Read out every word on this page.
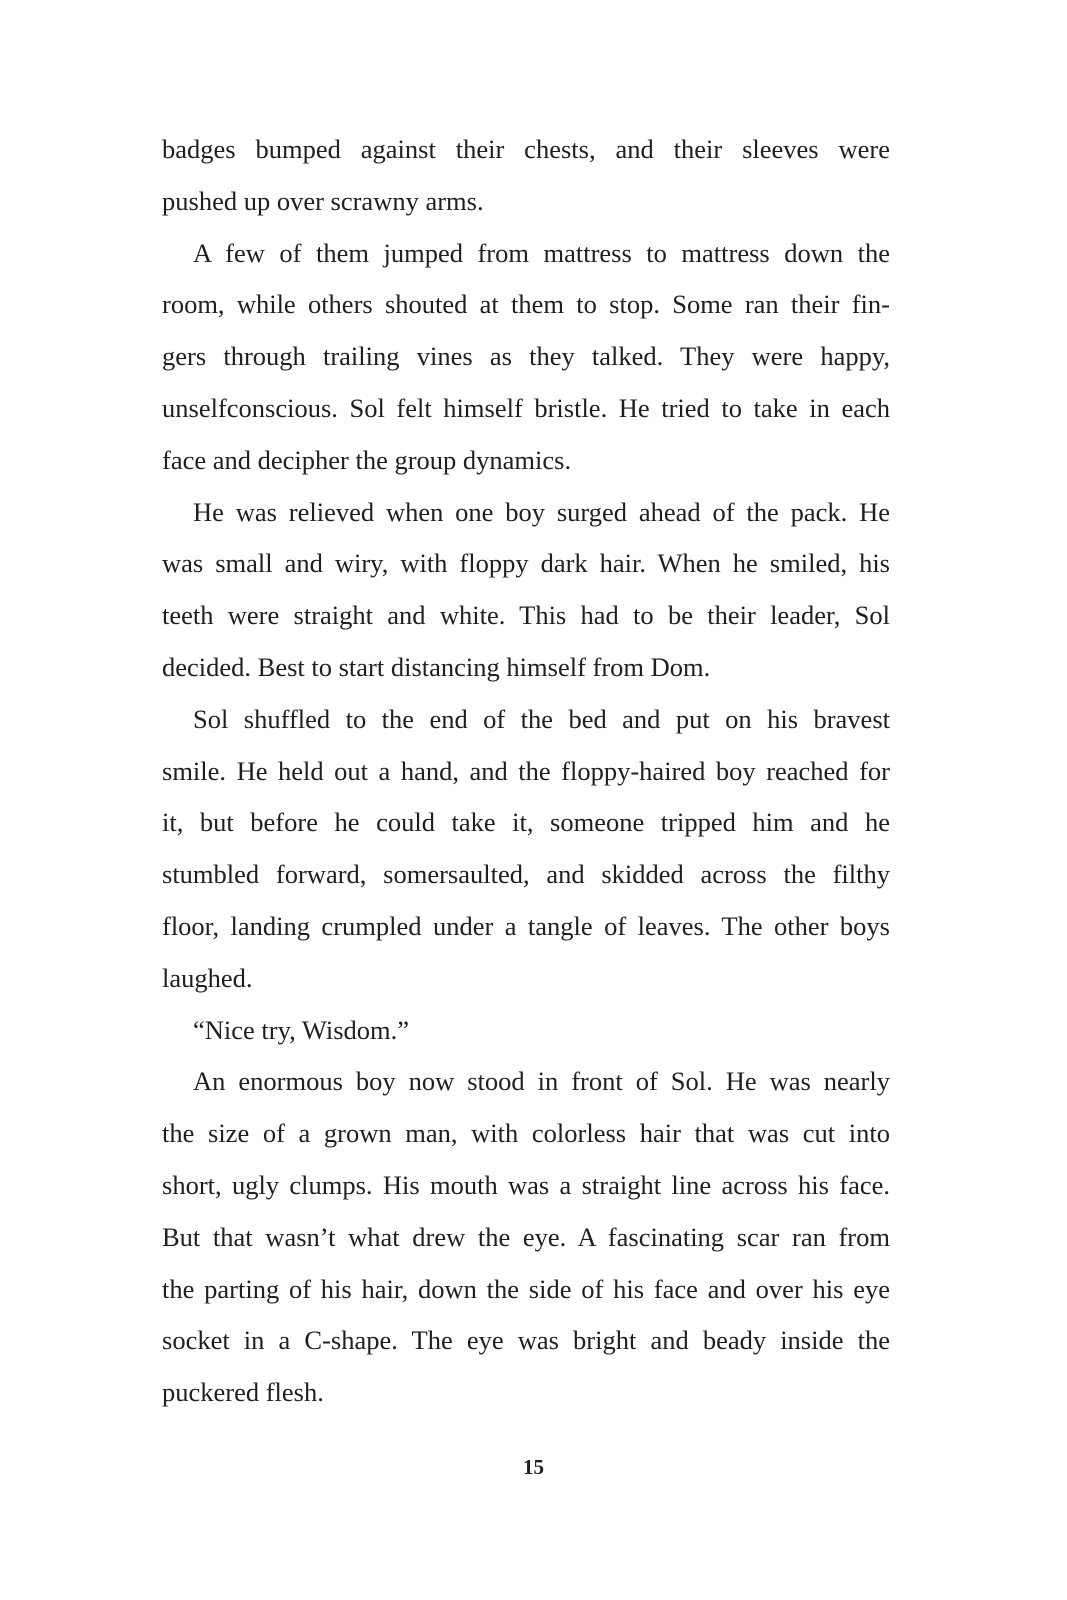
badges bumped against their chests, and their sleeves were
pushed up over scrawny arms.
A few of them jumped from mattress to mattress down the
room, while others shouted at them to stop. Some ran their fin-
gers through trailing vines as they talked. They were happy,
unselfconscious. Sol felt himself bristle. He tried to take in each
face and decipher the group dynamics.
He was relieved when one boy surged ahead of the pack. He
was small and wiry, with floppy dark hair. When he smiled, his
teeth were straight and white. This had to be their leader, Sol
decided. Best to start distancing himself from Dom.
Sol shuffled to the end of the bed and put on his bravest
smile. He held out a hand, and the floppy-haired boy reached for
it, but before he could take it, someone tripped him and he
stumbled forward, somersaulted, and skidded across the filthy
floor, landing crumpled under a tangle of leaves. The other boys
laughed.
“Nice try, Wisdom.”
An enormous boy now stood in front of Sol. He was nearly
the size of a grown man, with colorless hair that was cut into
short, ugly clumps. His mouth was a straight line across his face.
But that wasn’t what drew the eye. A fascinating scar ran from
the parting of his hair, down the side of his face and over his eye
socket in a C-shape. The eye was bright and beady inside the
puckered flesh.
15
